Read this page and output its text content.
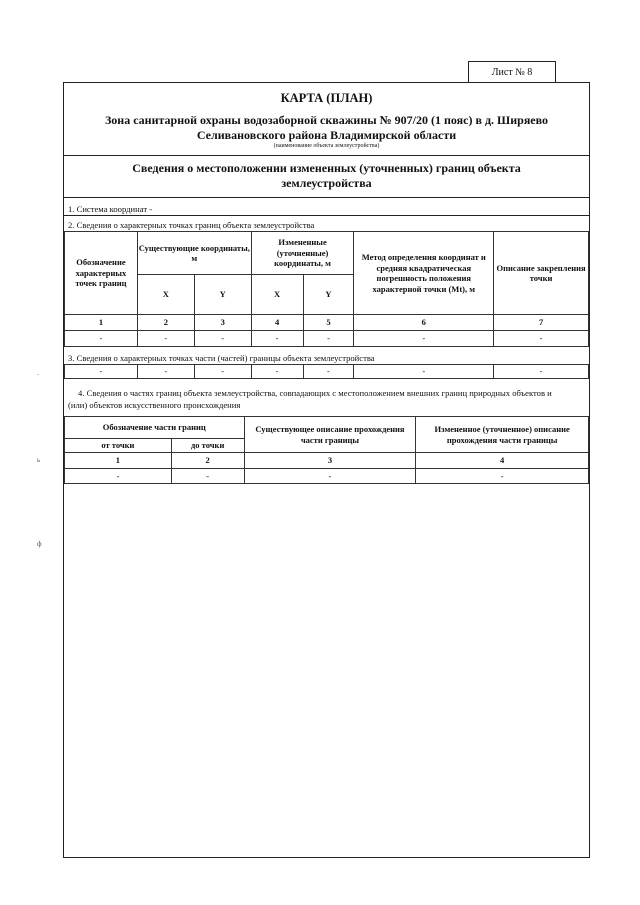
Лист № 8
·
ь
ф
КАРТА (ПЛАН)
Зона санитарной охраны водозаборной скважины № 907/20 (1 пояс) в д. Ширяево Селивановского района Владимирской области
(наименование объекта землеустройства)
Сведения о местоположении измененных (уточненных) границ объекта землеустройства
1. Система координат -
2. Сведения о характерных точках границ объекта землеустройства
Обозначение характерных точек границ	Существующие координаты, м		Измененные (уточненные) координаты, м		Метод определения координат и средняя квадратическая погрешность положения характерной точки (Mt), м	Описание закрепления точки
	X	Y	X	Y		
1	2	3	4	5	6	7
-	-	-	-	-	-	-
3. Сведения о характерных точках части (частей) границы объекта землеустройства
-	-	-	-	-	-	-
4. Сведения о частях границ объекта землеустройства, совпадающих с местоположением внешних границ природных объектов и (или) объектов искусственного происхождения
Обозначение части границ		Существующее описание прохождения части границы	Измененное (уточненное) описание прохождения части границы
от точки	до точки		
1	2	3	4
-	-	-	-
